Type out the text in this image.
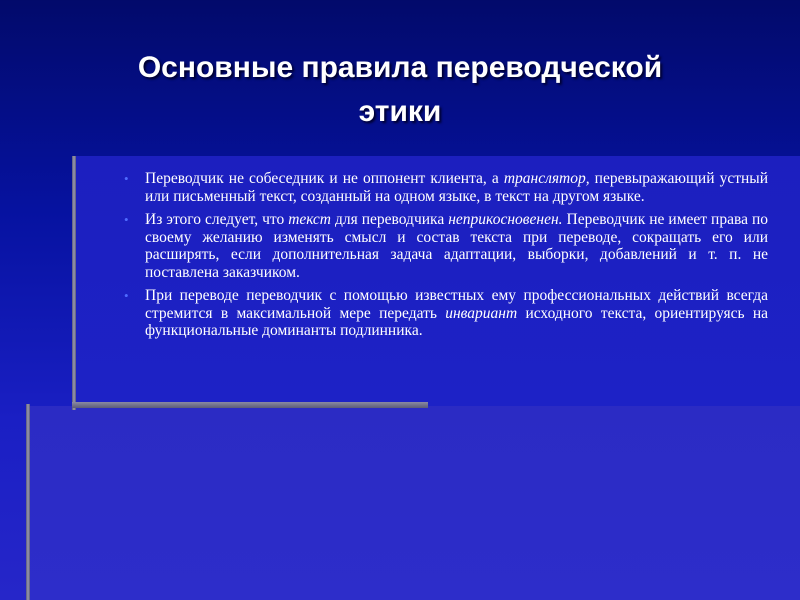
Основные правила переводческой
этики
• Переводчик не собеседник и не оппонент клиента, а транслятор, перевыражающий устный или письменный текст, созданный на одном языке, в текст на другом языке.
• Из этого следует, что текст для переводчика неприкосновенен. Переводчик не имеет права по своему желанию изменять смысл и состав текста при переводе, сокращать его или расширять, если дополнительная задача адаптации, выборки, добавлений и т. п. не поставлена заказчиком.
• При переводе переводчик с помощью известных ему профессиональных действий всегда стремится в максимальной мере передать инвариант исходного текста, ориентируясь на функциональные доминанты подлинника.
